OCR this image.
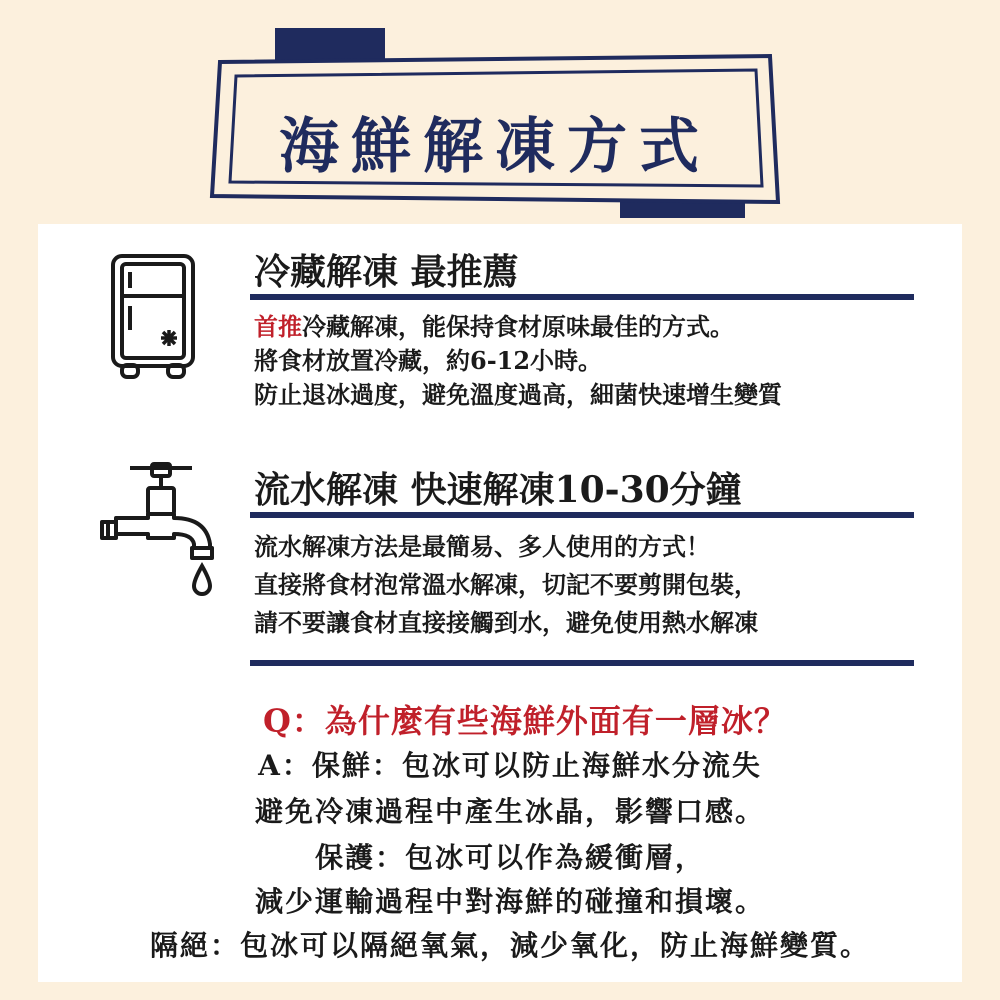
海鮮解凍方式
冷藏解凍 最推薦
首推冷藏解凍，能保持食材原味最佳的方式。
將食材放置冷藏，約6-12小時。
防止退冰過度，避免溫度過高，細菌快速增生變質
流水解凍 快速解凍10-30分鐘
流水解凍方法是最簡易、多人使用的方式！
直接將食材泡常溫水解凍，切記不要剪開包裝，
請不要讓食材直接接觸到水，避免使用熱水解凍
Q：為什麼有些海鮮外面有一層冰？
A：保鮮：包冰可以防止海鮮水分流失
避免冷凍過程中產生冰晶，影響口感。
保護：包冰可以作為緩衝層，
減少運輸過程中對海鮮的碰撞和損壞。
隔絕：包冰可以隔絕氧氣，減少氧化，防止海鮮變質。
